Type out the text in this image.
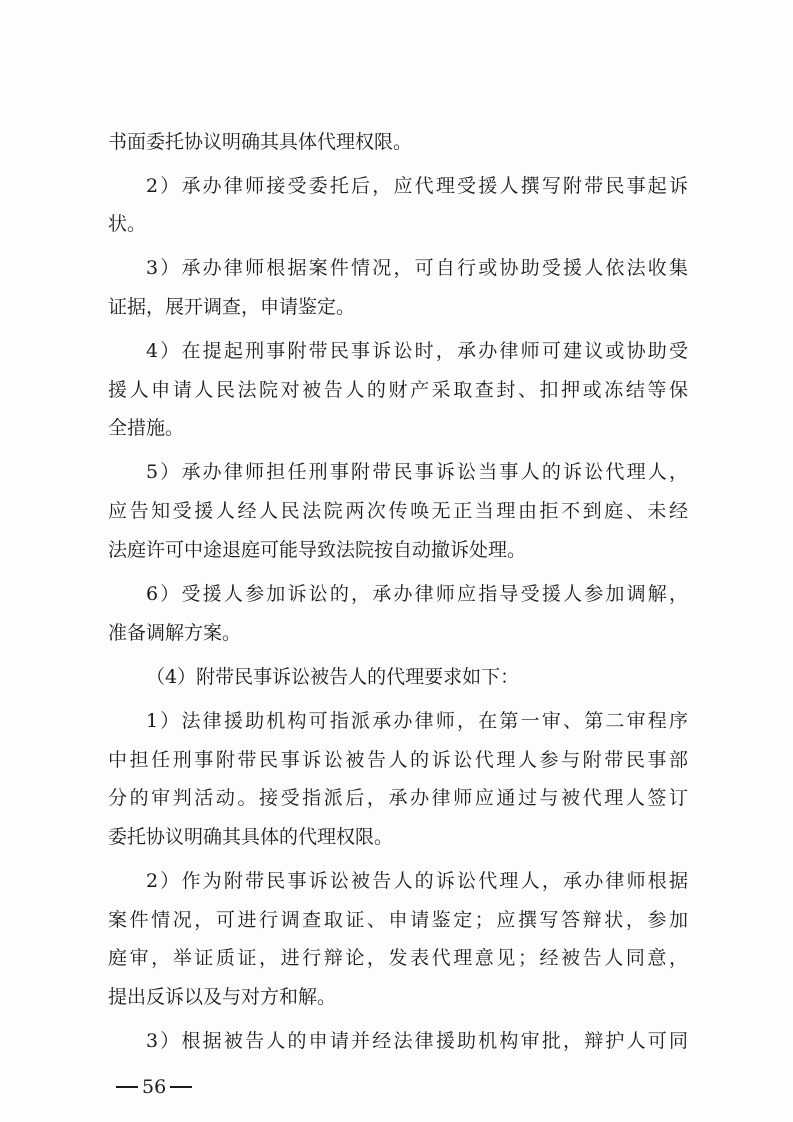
书面委托协议明确其具体代理权限。
2）承办律师接受委托后，应代理受援人撰写附带民事起诉
状。
3）承办律师根据案件情况，可自行或协助受援人依法收集
证据，展开调查，申请鉴定。
4）在提起刑事附带民事诉讼时，承办律师可建议或协助受
援人申请人民法院对被告人的财产采取查封、扣押或冻结等保
全措施。
5）承办律师担任刑事附带民事诉讼当事人的诉讼代理人，
应告知受援人经人民法院两次传唤无正当理由拒不到庭、未经
法庭许可中途退庭可能导致法院按自动撤诉处理。
6）受援人参加诉讼的，承办律师应指导受援人参加调解，
准备调解方案。
（4）附带民事诉讼被告人的代理要求如下：
1）法律援助机构可指派承办律师，在第一审、第二审程序
中担任刑事附带民事诉讼被告人的诉讼代理人参与附带民事部
分的审判活动。接受指派后，承办律师应通过与被代理人签订
委托协议明确其具体的代理权限。
2）作为附带民事诉讼被告人的诉讼代理人，承办律师根据
案件情况，可进行调查取证、申请鉴定；应撰写答辩状，参加
庭审，举证质证，进行辩论，发表代理意见；经被告人同意，
提出反诉以及与对方和解。
3）根据被告人的申请并经法律援助机构审批，辩护人可同
56
